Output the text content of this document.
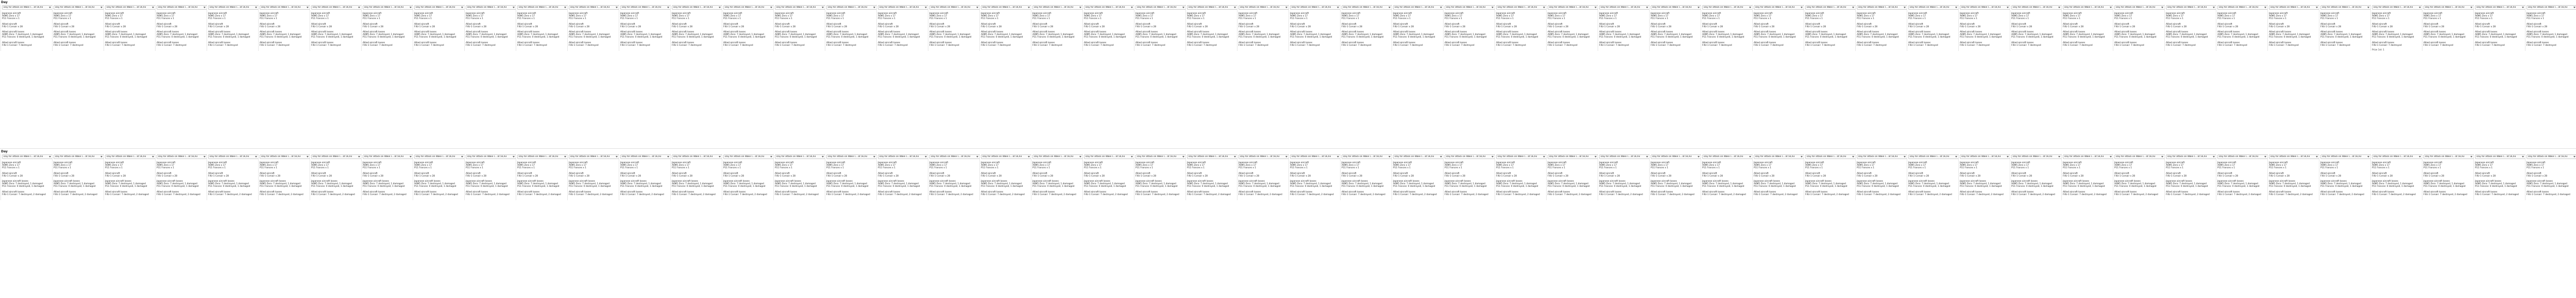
Day
Day for attack on Wake I... at 56,93
Japanese aircraft
A6M5 Zero x 17
P11 Frances x 1
Allied aircraft
F4U-1 Corsair x 28
Allied aircraft losses
A6M5 Zero: 7 destroyed, 1 damaged
P11 Frances: 0 destroyed, 1 damaged
Allied aircraft losses
F4U-1 Corsair: 7 destroyed
Day for attack on Wake I... at 56,93
Japanese aircraft
A6M5 Zero x 17
P11 Frances x 1
Allied aircraft
F4U-1 Corsair x 28
Allied aircraft losses
A6M5 Zero: 7 destroyed, 1 damaged
P11 Frances: 0 destroyed, 1 damaged
Allied aircraft losses
F4U-1 Corsair: 7 destroyed
Day for attack on Wake I... at 56,93
Japanese aircraft
A6M5 Zero x 17
P11 Frances x 1
Allied aircraft
F4U-1 Corsair x 28
Allied aircraft losses
A6M5 Zero: 7 destroyed, 1 damaged
P11 Frances: 0 destroyed, 1 damaged
Allied aircraft losses
F4U-1 Corsair: 7 destroyed
Day for attack on Wake I... at 56,93
Japanese aircraft
A6M5 Zero x 17
P11 Frances x 1
Allied aircraft
F4U-1 Corsair x 28
Allied aircraft losses
A6M5 Zero: 7 destroyed, 1 damaged
P11 Frances: 0 destroyed, 1 damaged
Allied aircraft losses
F4U-1 Corsair: 7 destroyed
Day for attack on Wake I... at 56,93
Japanese aircraft
A6M5 Zero x 17
P11 Frances x 1
Allied aircraft
F4U-1 Corsair x 28
Allied aircraft losses
A6M5 Zero: 7 destroyed, 1 damaged
P11 Frances: 0 destroyed, 1 damaged
Allied aircraft losses
F4U-1 Corsair: 7 destroyed
Day for attack on Wake I... at 56,93
Japanese aircraft
A6M5 Zero x 17
P11 Frances x 1
Allied aircraft
F4U-1 Corsair x 28
Allied aircraft losses
A6M5 Zero: 7 destroyed, 1 damaged
P11 Frances: 0 destroyed, 1 damaged
Allied aircraft losses
F4U-1 Corsair: 7 destroyed
Day for attack on Wake I... at 56,93
Japanese aircraft
A6M5 Zero x 17
P11 Frances x 1
Allied aircraft
F4U-1 Corsair x 28
Allied aircraft losses
A6M5 Zero: 7 destroyed, 1 damaged
P11 Frances: 0 destroyed, 1 damaged
Allied aircraft losses
F4U-1 Corsair: 7 destroyed
Day for attack on Wake I... at 56,93
Japanese aircraft
A6M5 Zero x 17
P11 Frances x 1
Allied aircraft
F4U-1 Corsair x 28
Allied aircraft losses
A6M5 Zero: 7 destroyed, 1 damaged
P11 Frances: 0 destroyed, 1 damaged
Allied aircraft losses
F4U-1 Corsair: 7 destroyed
Day for attack on Wake I... at 56,93
Japanese aircraft
A6M5 Zero x 17
P11 Frances x 1
Allied aircraft
F4U-1 Corsair x 28
Allied aircraft losses
A6M5 Zero: 7 destroyed, 1 damaged
P11 Frances: 0 destroyed, 1 damaged
Allied aircraft losses
F4U-1 Corsair: 7 destroyed
Day for attack on Wake I... at 56,93
Japanese aircraft
A6M5 Zero x 17
P11 Frances x 1
Allied aircraft
F4U-1 Corsair x 28
Allied aircraft losses
A6M5 Zero: 7 destroyed, 1 damaged
P11 Frances: 0 destroyed, 1 damaged
Allied aircraft losses
F4U-1 Corsair: 7 destroyed
Day for attack on Wake I... at 56,93
Japanese aircraft
A6M5 Zero x 17
P11 Frances x 1
Allied aircraft
F4U-1 Corsair x 28
Allied aircraft losses
A6M5 Zero: 7 destroyed, 1 damaged
P11 Frances: 0 destroyed, 1 damaged
Allied aircraft losses
F4U-1 Corsair: 7 destroyed
Day for attack on Wake I... at 56,93
Japanese aircraft
A6M5 Zero x 17
P11 Frances x 1
Allied aircraft
F4U-1 Corsair x 28
Allied aircraft losses
A6M5 Zero: 7 destroyed, 1 damaged
P11 Frances: 0 destroyed, 1 damaged
Allied aircraft losses
F4U-1 Corsair: 7 destroyed
Day for attack on Wake I... at 56,93
Japanese aircraft
A6M5 Zero x 17
P11 Frances x 1
Allied aircraft
F4U-1 Corsair x 28
Allied aircraft losses
A6M5 Zero: 7 destroyed, 1 damaged
P11 Frances: 0 destroyed, 1 damaged
Allied aircraft losses
F4U-1 Corsair: 7 destroyed
Day for attack on Wake I... at 56,93
Japanese aircraft
A6M5 Zero x 17
P11 Frances x 1
Allied aircraft
F4U-1 Corsair x 28
Allied aircraft losses
A6M5 Zero: 7 destroyed, 1 damaged
P11 Frances: 0 destroyed, 1 damaged
Allied aircraft losses
F4U-1 Corsair: 7 destroyed
Day for attack on Wake I... at 56,93
Japanese aircraft
A6M5 Zero x 17
P11 Frances x 1
Allied aircraft
F4U-1 Corsair x 28
Allied aircraft losses
A6M5 Zero: 7 destroyed, 1 damaged
P11 Frances: 0 destroyed, 1 damaged
Allied aircraft losses
F4U-1 Corsair: 7 destroyed
Day for attack on Wake I... at 56,93
Japanese aircraft
A6M5 Zero x 17
P11 Frances x 1
Allied aircraft
F4U-1 Corsair x 28
Allied aircraft losses
A6M5 Zero: 7 destroyed, 1 damaged
P11 Frances: 0 destroyed, 1 damaged
Allied aircraft losses
F4U-1 Corsair: 7 destroyed
Day for attack on Wake I... at 56,93
Japanese aircraft
A6M5 Zero x 17
P11 Frances x 1
Allied aircraft
F4U-1 Corsair x 28
Allied aircraft losses
A6M5 Zero: 7 destroyed, 1 damaged
P11 Frances: 0 destroyed, 1 damaged
Allied aircraft losses
F4U-1 Corsair: 7 destroyed
Day for attack on Wake I... at 56,93
Japanese aircraft
A6M5 Zero x 17
P11 Frances x 1
Allied aircraft
F4U-1 Corsair x 28
Allied aircraft losses
A6M5 Zero: 7 destroyed, 1 damaged
P11 Frances: 0 destroyed, 1 damaged
Allied aircraft losses
F4U-1 Corsair: 7 destroyed
Day for attack on Wake I... at 56,93
Japanese aircraft
A6M5 Zero x 17
P11 Frances x 1
Allied aircraft
F4U-1 Corsair x 28
Allied aircraft losses
A6M5 Zero: 7 destroyed, 1 damaged
P11 Frances: 0 destroyed, 1 damaged
Allied aircraft losses
F4U-1 Corsair: 7 destroyed
Day for attack on Wake I... at 56,93
Japanese aircraft
A6M5 Zero x 17
P11 Frances x 1
Allied aircraft
F4U-1 Corsair x 28
Allied aircraft losses
A6M5 Zero: 7 destroyed, 1 damaged
P11 Frances: 0 destroyed, 1 damaged
Allied aircraft losses
F4U-1 Corsair: 7 destroyed
Day for attack on Wake I... at 56,93
Japanese aircraft
A6M5 Zero x 17
P11 Frances x 1
Allied aircraft
F4U-1 Corsair x 28
Allied aircraft losses
A6M5 Zero: 7 destroyed, 1 damaged
P11 Frances: 0 destroyed, 1 damaged
Allied aircraft losses
F4U-1 Corsair: 7 destroyed
Day for attack on Wake I... at 56,93
Japanese aircraft
A6M5 Zero x 17
P11 Frances x 1
Allied aircraft
F4U-1 Corsair x 28
Allied aircraft losses
A6M5 Zero: 7 destroyed, 1 damaged
P11 Frances: 0 destroyed, 1 damaged
Allied aircraft losses
F4U-1 Corsair: 7 destroyed
Day for attack on Wake I... at 56,93
Japanese aircraft
A6M5 Zero x 17
P11 Frances x 1
Allied aircraft
F4U-1 Corsair x 28
Allied aircraft losses
A6M5 Zero: 7 destroyed, 1 damaged
P11 Frances: 0 destroyed, 1 damaged
Allied aircraft losses
F4U-1 Corsair: 7 destroyed
Day for attack on Wake I... at 56,93
Japanese aircraft
A6M5 Zero x 17
P11 Frances x 1
Allied aircraft
F4U-1 Corsair x 28
Allied aircraft losses
A6M5 Zero: 7 destroyed, 1 damaged
P11 Frances: 0 destroyed, 1 damaged
Allied aircraft losses
F4U-1 Corsair: 7 destroyed
Day for attack on Wake I... at 56,93
Japanese aircraft
A6M5 Zero x 17
P11 Frances x 1
Allied aircraft
F4U-1 Corsair x 28
Allied aircraft losses
A6M5 Zero: 7 destroyed, 1 damaged
P11 Frances: 0 destroyed, 1 damaged
Allied aircraft losses
F4U-1 Corsair: 7 destroyed
Day for attack on Wake I... at 56,93
Japanese aircraft
A6M5 Zero x 17
P11 Frances x 1
Allied aircraft
F4U-1 Corsair x 28
Allied aircraft losses
A6M5 Zero: 7 destroyed, 1 damaged
P11 Frances: 0 destroyed, 1 damaged
Allied aircraft losses
F4U-1 Corsair: 7 destroyed
Day for attack on Wake I... at 56,93
Japanese aircraft
A6M5 Zero x 17
P11 Frances x 1
Allied aircraft
F4U-1 Corsair x 28
Allied aircraft losses
A6M5 Zero: 7 destroyed, 1 damaged
P11 Frances: 0 destroyed, 1 damaged
Allied aircraft losses
F4U-1 Corsair: 7 destroyed
Day for attack on Wake I... at 56,93
Japanese aircraft
A6M5 Zero x 17
P11 Frances x 1
Allied aircraft
F4U-1 Corsair x 28
Allied aircraft losses
A6M5 Zero: 7 destroyed, 1 damaged
P11 Frances: 0 destroyed, 1 damaged
Allied aircraft losses
F4U-1 Corsair: 7 destroyed
Day for attack on Wake I... at 56,93
Japanese aircraft
A6M5 Zero x 17
P11 Frances x 1
Allied aircraft
F4U-1 Corsair x 28
Allied aircraft losses
A6M5 Zero: 7 destroyed, 1 damaged
P11 Frances: 0 destroyed, 1 damaged
Allied aircraft losses
F4U-1 Corsair: 7 destroyed
Day for attack on Wake I... at 56,93
Japanese aircraft
A6M5 Zero x 17
P11 Frances x 1
Allied aircraft
F4U-1 Corsair x 28
Allied aircraft losses
A6M5 Zero: 7 destroyed, 1 damaged
P11 Frances: 0 destroyed, 1 damaged
Allied aircraft losses
F4U-1 Corsair: 7 destroyed
Day for attack on Wake I... at 56,93
Japanese aircraft
A6M5 Zero x 17
P11 Frances x 1
Allied aircraft
F4U-1 Corsair x 28
Allied aircraft losses
A6M5 Zero: 7 destroyed, 1 damaged
P11 Frances: 0 destroyed, 1 damaged
Allied aircraft losses
F4U-1 Corsair: 7 destroyed
Day for attack on Wake I... at 56,93
Japanese aircraft
A6M5 Zero x 17
P11 Frances x 1
Allied aircraft
F4U-1 Corsair x 28
Allied aircraft losses
A6M5 Zero: 7 destroyed, 1 damaged
P11 Frances: 0 destroyed, 1 damaged
Allied aircraft losses
F4U-1 Corsair: 7 destroyed
Day for attack on Wake I... at 56,93
Japanese aircraft
A6M5 Zero x 17
P11 Frances x 1
Allied aircraft
F4U-1 Corsair x 28
Allied aircraft losses
A6M5 Zero: 7 destroyed, 1 damaged
P11 Frances: 0 destroyed, 1 damaged
Allied aircraft losses
F4U-1 Corsair: 7 destroyed
Day for attack on Wake I... at 56,93
Japanese aircraft
A6M5 Zero x 17
P11 Frances x 1
Allied aircraft
F4U-1 Corsair x 28
Allied aircraft losses
A6M5 Zero: 7 destroyed, 1 damaged
P11 Frances: 0 destroyed, 1 damaged
Allied aircraft losses
F4U-1 Corsair: 7 destroyed
Day for attack on Wake I... at 56,93
Japanese aircraft
A6M5 Zero x 17
P11 Frances x 1
Allied aircraft
F4U-1 Corsair x 28
Allied aircraft losses
A6M5 Zero: 7 destroyed, 1 damaged
P11 Frances: 0 destroyed, 1 damaged
Allied aircraft losses
F4U-1 Corsair: 7 destroyed
Day for attack on Wake I... at 56,93
Japanese aircraft
A6M5 Zero x 17
P11 Frances x 1
Allied aircraft
F4U-1 Corsair x 28
Allied aircraft losses
A6M5 Zero: 7 destroyed, 1 damaged
P11 Frances: 0 destroyed, 1 damaged
Allied aircraft losses
F4U-1 Corsair: 7 destroyed
Day for attack on Wake I... at 56,93
Japanese aircraft
A6M5 Zero x 17
P11 Frances x 1
Allied aircraft
F4U-1 Corsair x 28
Allied aircraft losses
A6M5 Zero: 7 destroyed, 1 damaged
P11 Frances: 0 destroyed, 1 damaged
Allied aircraft losses
F4U-1 Corsair: 7 destroyed
Day for attack on Wake I... at 56,93
Japanese aircraft
A6M5 Zero x 17
P11 Frances x 1
Allied aircraft
F4U-1 Corsair x 28
Allied aircraft losses
A6M5 Zero: 7 destroyed, 1 damaged
P11 Frances: 0 destroyed, 1 damaged
Allied aircraft losses
F4U-1 Corsair: 7 destroyed
Day for attack on Wake I... at 56,93
Japanese aircraft
A6M5 Zero x 17
P11 Frances x 1
Allied aircraft
F4U-1 Corsair x 28
Allied aircraft losses
A6M5 Zero: 7 destroyed, 1 damaged
P11 Frances: 0 destroyed, 1 damaged
Allied aircraft losses
F4U-1 Corsair: 7 destroyed
Day for attack on Wake I... at 56,93
Japanese aircraft
A6M5 Zero x 17
P11 Frances x 1
Allied aircraft
F4U-1 Corsair x 28
Allied aircraft losses
A6M5 Zero: 7 destroyed, 1 damaged
P11 Frances: 0 destroyed, 1 damaged
Allied aircraft losses
F4U-1 Corsair: 7 destroyed
Day for attack on Wake I... at 56,93
Japanese aircraft
A6M5 Zero x 17
P11 Frances x 1
Allied aircraft
F4U-1 Corsair x 28
Allied aircraft losses
A6M5 Zero: 7 destroyed, 1 damaged
P11 Frances: 0 destroyed, 1 damaged
Allied aircraft losses
F4U-1 Corsair: 7 destroyed
Day for attack on Wake I... at 56,93
Japanese aircraft
A6M5 Zero x 17
P11 Frances x 1
Allied aircraft
F4U-1 Corsair x 28
Allied aircraft losses
A6M5 Zero: 7 destroyed, 1 damaged
P11 Frances: 0 destroyed, 1 damaged
Allied aircraft losses
F4U-1 Corsair: 7 destroyed
Day for attack on Wake I... at 56,93
Japanese aircraft
A6M5 Zero x 17
P11 Frances x 1
Allied aircraft
F4U-1 Corsair x 28
Allied aircraft losses
A6M5 Zero: 7 destroyed, 1 damaged
P11 Frances: 0 destroyed, 1 damaged
Allied aircraft losses
F4U-1 Corsair: 7 destroyed
Day for attack on Wake I... at 56,93
Japanese aircraft
A6M5 Zero x 17
P11 Frances x 1
Allied aircraft
F4U-1 Corsair x 28
Allied aircraft losses
A6M5 Zero: 7 destroyed, 1 damaged
P11 Frances: 0 destroyed, 1 damaged
Allied aircraft losses
F4U-1 Corsair: 7 destroyed
Day for attack on Wake I... at 56,93
Japanese aircraft
A6M5 Zero x 17
P11 Frances x 1
Allied aircraft
F4U-1 Corsair x 28
Allied aircraft losses
A6M5 Zero: 7 destroyed, 1 damaged
P11 Frances: 0 destroyed, 1 damaged
Allied aircraft losses
F4U-1 Corsair: 7 destroyed
Day for attack on Wake I... at 56,93
Japanese aircraft
A6M5 Zero x 17
P11 Frances x 1
Allied aircraft
F4U-1 Corsair x 28
Allied aircraft losses
A6M5 Zero: 7 destroyed, 1 damaged
P11 Frances: 0 destroyed, 1 damaged
Allied aircraft losses
F4U-1 Corsair: 7 destroyed
Day for attack on Wake I... at 56,93
Japanese aircraft
A6M5 Zero x 17
P11 Frances x 1
Allied aircraft
F4U-1 Corsair x 28
Allied aircraft losses
A6M5 Zero: 7 destroyed, 1 damaged
P11 Frances: 0 destroyed, 1 damaged
Allied aircraft losses
F4U-1 Corsair: 7 destroyed
Prize 1st: 1
Day for attack on Wake I... at 56,93
Japanese aircraft
A6M5 Zero x 17
P11 Frances x 1
Allied aircraft
F4U-1 Corsair x 28
Allied aircraft losses
A6M5 Zero: 7 destroyed, 1 damaged
P11 Frances: 0 destroyed, 1 damaged
Allied aircraft losses
F4U-1 Corsair: 7 destroyed
Day for attack on Wake I... at 56,93
Japanese aircraft
A6M5 Zero x 17
P11 Frances x 1
Allied aircraft
F4U-1 Corsair x 28
Allied aircraft losses
A6M5 Zero: 7 destroyed, 1 damaged
P11 Frances: 0 destroyed, 1 damaged
Allied aircraft losses
F4U-1 Corsair: 7 destroyed
Day for attack on Wake I... at 56,93
Japanese aircraft
A6M5 Zero x 17
P11 Frances x 1
Allied aircraft
F4U-1 Corsair x 28
Allied aircraft losses
A6M5 Zero: 7 destroyed, 1 damaged
P11 Frances: 0 destroyed, 1 damaged
Allied aircraft losses
F4U-1 Corsair: 7 destroyed
Day
Day for attack on Wake I... at 56,93
Japanese aircraft
A6M5 Zero x 17
P11 Frances x 1
Allied aircraft
F4U-1 Corsair x 28
Japanese aircraft losses
A6M5 Zero: 7 destroyed, 1 damaged
P11 Frances: 0 destroyed, 1 damaged
Allied aircraft losses
F4U-1 Corsair: 7 destroyed, 2 damaged
Day for attack on Wake I... at 56,93
Japanese aircraft
A6M5 Zero x 17
P11 Frances x 1
Allied aircraft
F4U-1 Corsair x 28
Japanese aircraft losses
A6M5 Zero: 7 destroyed, 1 damaged
P11 Frances: 0 destroyed, 1 damaged
Allied aircraft losses
F4U-1 Corsair: 7 destroyed, 2 damaged
Day for attack on Wake I... at 56,93
Japanese aircraft
A6M5 Zero x 17
P11 Frances x 1
Allied aircraft
F4U-1 Corsair x 28
Japanese aircraft losses
A6M5 Zero: 7 destroyed, 1 damaged
P11 Frances: 0 destroyed, 1 damaged
Allied aircraft losses
F4U-1 Corsair: 7 destroyed, 2 damaged
Day for attack on Wake I... at 56,93
Japanese aircraft
A6M5 Zero x 17
P11 Frances x 1
Allied aircraft
F4U-1 Corsair x 28
Japanese aircraft losses
A6M5 Zero: 7 destroyed, 1 damaged
P11 Frances: 0 destroyed, 1 damaged
Allied aircraft losses
F4U-1 Corsair: 7 destroyed, 2 damaged
Day for attack on Wake I... at 56,93
Japanese aircraft
A6M5 Zero x 17
P11 Frances x 1
Allied aircraft
F4U-1 Corsair x 28
Japanese aircraft losses
A6M5 Zero: 7 destroyed, 1 damaged
P11 Frances: 0 destroyed, 1 damaged
Allied aircraft losses
F4U-1 Corsair: 7 destroyed, 2 damaged
Day for attack on Wake I... at 56,93
Japanese aircraft
A6M5 Zero x 17
P11 Frances x 1
Allied aircraft
F4U-1 Corsair x 28
Japanese aircraft losses
A6M5 Zero: 7 destroyed, 1 damaged
P11 Frances: 0 destroyed, 1 damaged
Allied aircraft losses
F4U-1 Corsair: 7 destroyed, 2 damaged
Day for attack on Wake I... at 56,93
Japanese aircraft
A6M5 Zero x 17
P11 Frances x 1
Allied aircraft
F4U-1 Corsair x 28
Japanese aircraft losses
A6M5 Zero: 7 destroyed, 1 damaged
P11 Frances: 0 destroyed, 1 damaged
Allied aircraft losses
F4U-1 Corsair: 7 destroyed, 2 damaged
Day for attack on Wake I... at 56,93
Japanese aircraft
A6M5 Zero x 17
P11 Frances x 1
Allied aircraft
F4U-1 Corsair x 28
Japanese aircraft losses
A6M5 Zero: 7 destroyed, 1 damaged
P11 Frances: 0 destroyed, 1 damaged
Allied aircraft losses
F4U-1 Corsair: 7 destroyed, 2 damaged
Day for attack on Wake I... at 56,93
Japanese aircraft
A6M5 Zero x 17
P11 Frances x 1
Allied aircraft
F4U-1 Corsair x 28
Japanese aircraft losses
A6M5 Zero: 7 destroyed, 1 damaged
P11 Frances: 0 destroyed, 1 damaged
Allied aircraft losses
F4U-1 Corsair: 7 destroyed, 2 damaged
Day for attack on Wake I... at 56,93
Japanese aircraft
A6M5 Zero x 17
P11 Frances x 1
Allied aircraft
F4U-1 Corsair x 28
Japanese aircraft losses
A6M5 Zero: 7 destroyed, 1 damaged
P11 Frances: 0 destroyed, 1 damaged
Allied aircraft losses
F4U-1 Corsair: 7 destroyed, 2 damaged
Day for attack on Wake I... at 56,93
Japanese aircraft
A6M5 Zero x 17
P11 Frances x 1
Allied aircraft
F4U-1 Corsair x 28
Japanese aircraft losses
A6M5 Zero: 7 destroyed, 1 damaged
P11 Frances: 0 destroyed, 1 damaged
Allied aircraft losses
F4U-1 Corsair: 7 destroyed, 2 damaged
Day for attack on Wake I... at 56,93
Japanese aircraft
A6M5 Zero x 17
P11 Frances x 1
Allied aircraft
F4U-1 Corsair x 28
Japanese aircraft losses
A6M5 Zero: 7 destroyed, 1 damaged
P11 Frances: 0 destroyed, 1 damaged
Allied aircraft losses
F4U-1 Corsair: 7 destroyed, 2 damaged
Day for attack on Wake I... at 56,93
Japanese aircraft
A6M5 Zero x 17
P11 Frances x 1
Allied aircraft
F4U-1 Corsair x 28
Japanese aircraft losses
A6M5 Zero: 7 destroyed, 1 damaged
P11 Frances: 0 destroyed, 1 damaged
Allied aircraft losses
F4U-1 Corsair: 7 destroyed, 2 damaged
Day for attack on Wake I... at 56,93
Japanese aircraft
A6M5 Zero x 17
P11 Frances x 1
Allied aircraft
F4U-1 Corsair x 28
Japanese aircraft losses
A6M5 Zero: 7 destroyed, 1 damaged
P11 Frances: 0 destroyed, 1 damaged
Allied aircraft losses
F4U-1 Corsair: 7 destroyed, 2 damaged
Day for attack on Wake I... at 56,93
Japanese aircraft
A6M5 Zero x 17
P11 Frances x 1
Allied aircraft
F4U-1 Corsair x 28
Japanese aircraft losses
A6M5 Zero: 7 destroyed, 1 damaged
P11 Frances: 0 destroyed, 1 damaged
Allied aircraft losses
F4U-1 Corsair: 7 destroyed, 2 damaged
Day for attack on Wake I... at 56,93
Japanese aircraft
A6M5 Zero x 17
P11 Frances x 1
Allied aircraft
F4U-1 Corsair x 28
Japanese aircraft losses
A6M5 Zero: 7 destroyed, 1 damaged
P11 Frances: 0 destroyed, 1 damaged
Allied aircraft losses
F4U-1 Corsair: 7 destroyed, 2 damaged
Day for attack on Wake I... at 56,93
Japanese aircraft
A6M5 Zero x 17
P11 Frances x 1
Allied aircraft
F4U-1 Corsair x 28
Japanese aircraft losses
A6M5 Zero: 7 destroyed, 1 damaged
P11 Frances: 0 destroyed, 1 damaged
Allied aircraft losses
F4U-1 Corsair: 7 destroyed, 2 damaged
Day for attack on Wake I... at 56,93
Japanese aircraft
A6M5 Zero x 17
P11 Frances x 1
Allied aircraft
F4U-1 Corsair x 28
Japanese aircraft losses
A6M5 Zero: 7 destroyed, 1 damaged
P11 Frances: 0 destroyed, 1 damaged
Allied aircraft losses
F4U-1 Corsair: 7 destroyed, 2 damaged
Day for attack on Wake I... at 56,93
Japanese aircraft
A6M5 Zero x 17
P11 Frances x 1
Allied aircraft
F4U-1 Corsair x 28
Japanese aircraft losses
A6M5 Zero: 7 destroyed, 1 damaged
P11 Frances: 0 destroyed, 1 damaged
Allied aircraft losses
F4U-1 Corsair: 7 destroyed, 2 damaged
Day for attack on Wake I... at 56,93
Japanese aircraft
A6M5 Zero x 17
P11 Frances x 1
Allied aircraft
F4U-1 Corsair x 28
Japanese aircraft losses
A6M5 Zero: 7 destroyed, 1 damaged
P11 Frances: 0 destroyed, 1 damaged
Allied aircraft losses
F4U-1 Corsair: 7 destroyed, 2 damaged
Day for attack on Wake I... at 56,93
Japanese aircraft
A6M5 Zero x 17
P11 Frances x 1
Allied aircraft
F4U-1 Corsair x 28
Japanese aircraft losses
A6M5 Zero: 7 destroyed, 1 damaged
P11 Frances: 0 destroyed, 1 damaged
Allied aircraft losses
F4U-1 Corsair: 7 destroyed, 2 damaged
Day for attack on Wake I... at 56,93
Japanese aircraft
A6M5 Zero x 17
P11 Frances x 1
Allied aircraft
F4U-1 Corsair x 28
Japanese aircraft losses
A6M5 Zero: 7 destroyed, 1 damaged
P11 Frances: 0 destroyed, 1 damaged
Allied aircraft losses
F4U-1 Corsair: 7 destroyed, 2 damaged
Day for attack on Wake I... at 56,93
Japanese aircraft
A6M5 Zero x 17
P11 Frances x 1
Allied aircraft
F4U-1 Corsair x 28
Japanese aircraft losses
A6M5 Zero: 7 destroyed, 1 damaged
P11 Frances: 0 destroyed, 1 damaged
Allied aircraft losses
F4U-1 Corsair: 7 destroyed, 2 damaged
Day for attack on Wake I... at 56,93
Japanese aircraft
A6M5 Zero x 17
P11 Frances x 1
Allied aircraft
F4U-1 Corsair x 28
Japanese aircraft losses
A6M5 Zero: 7 destroyed, 1 damaged
P11 Frances: 0 destroyed, 1 damaged
Allied aircraft losses
F4U-1 Corsair: 7 destroyed, 2 damaged
Day for attack on Wake I... at 56,93
Japanese aircraft
A6M5 Zero x 17
P11 Frances x 1
Allied aircraft
F4U-1 Corsair x 28
Japanese aircraft losses
A6M5 Zero: 7 destroyed, 1 damaged
P11 Frances: 0 destroyed, 1 damaged
Allied aircraft losses
F4U-1 Corsair: 7 destroyed, 2 damaged
Day for attack on Wake I... at 56,93
Japanese aircraft
A6M5 Zero x 17
P11 Frances x 1
Allied aircraft
F4U-1 Corsair x 28
Japanese aircraft losses
A6M5 Zero: 7 destroyed, 1 damaged
P11 Frances: 0 destroyed, 1 damaged
Allied aircraft losses
F4U-1 Corsair: 7 destroyed, 2 damaged
Day for attack on Wake I... at 56,93
Japanese aircraft
A6M5 Zero x 17
P11 Frances x 1
Allied aircraft
F4U-1 Corsair x 28
Japanese aircraft losses
A6M5 Zero: 7 destroyed, 1 damaged
P11 Frances: 0 destroyed, 1 damaged
Allied aircraft losses
F4U-1 Corsair: 7 destroyed, 2 damaged
Day for attack on Wake I... at 56,93
Japanese aircraft
A6M5 Zero x 17
P11 Frances x 1
Allied aircraft
F4U-1 Corsair x 28
Japanese aircraft losses
A6M5 Zero: 7 destroyed, 1 damaged
P11 Frances: 0 destroyed, 1 damaged
Allied aircraft losses
F4U-1 Corsair: 7 destroyed, 2 damaged
Day for attack on Wake I... at 56,93
Japanese aircraft
A6M5 Zero x 17
P11 Frances x 1
Allied aircraft
F4U-1 Corsair x 28
Japanese aircraft losses
A6M5 Zero: 7 destroyed, 1 damaged
P11 Frances: 0 destroyed, 1 damaged
Allied aircraft losses
F4U-1 Corsair: 7 destroyed, 2 damaged
Day for attack on Wake I... at 56,93
Japanese aircraft
A6M5 Zero x 17
P11 Frances x 1
Allied aircraft
F4U-1 Corsair x 28
Japanese aircraft losses
A6M5 Zero: 7 destroyed, 1 damaged
P11 Frances: 0 destroyed, 1 damaged
Allied aircraft losses
F4U-1 Corsair: 7 destroyed, 2 damaged
Day for attack on Wake I... at 56,93
Japanese aircraft
A6M5 Zero x 17
P11 Frances x 1
Allied aircraft
F4U-1 Corsair x 28
Japanese aircraft losses
A6M5 Zero: 7 destroyed, 1 damaged
P11 Frances: 0 destroyed, 1 damaged
Allied aircraft losses
F4U-1 Corsair: 7 destroyed, 2 damaged
Day for attack on Wake I... at 56,93
Japanese aircraft
A6M5 Zero x 17
P11 Frances x 1
Allied aircraft
F4U-1 Corsair x 28
Japanese aircraft losses
A6M5 Zero: 7 destroyed, 1 damaged
P11 Frances: 0 destroyed, 1 damaged
Allied aircraft losses
F4U-1 Corsair: 7 destroyed, 2 damaged
Day for attack on Wake I... at 56,93
Japanese aircraft
A6M5 Zero x 17
P11 Frances x 1
Allied aircraft
F4U-1 Corsair x 28
Japanese aircraft losses
A6M5 Zero: 7 destroyed, 1 damaged
P11 Frances: 0 destroyed, 1 damaged
Allied aircraft losses
F4U-1 Corsair: 7 destroyed, 2 damaged
Day for attack on Wake I... at 56,93
Japanese aircraft
A6M5 Zero x 17
P11 Frances x 1
Allied aircraft
F4U-1 Corsair x 28
Japanese aircraft losses
A6M5 Zero: 7 destroyed, 1 damaged
P11 Frances: 0 destroyed, 1 damaged
Allied aircraft losses
F4U-1 Corsair: 7 destroyed, 2 damaged
Day for attack on Wake I... at 56,93
Japanese aircraft
A6M5 Zero x 17
P11 Frances x 1
Allied aircraft
F4U-1 Corsair x 28
Japanese aircraft losses
A6M5 Zero: 7 destroyed, 1 damaged
P11 Frances: 0 destroyed, 1 damaged
Allied aircraft losses
F4U-1 Corsair: 7 destroyed, 2 damaged
Day for attack on Wake I... at 56,93
Japanese aircraft
A6M5 Zero x 17
P11 Frances x 1
Allied aircraft
F4U-1 Corsair x 28
Japanese aircraft losses
A6M5 Zero: 7 destroyed, 1 damaged
P11 Frances: 0 destroyed, 1 damaged
Allied aircraft losses
F4U-1 Corsair: 7 destroyed, 2 damaged
Day for attack on Wake I... at 56,93
Japanese aircraft
A6M5 Zero x 17
P11 Frances x 1
Allied aircraft
F4U-1 Corsair x 28
Japanese aircraft losses
A6M5 Zero: 7 destroyed, 1 damaged
P11 Frances: 0 destroyed, 1 damaged
Allied aircraft losses
F4U-1 Corsair: 7 destroyed, 2 damaged
Day for attack on Wake I... at 56,93
Japanese aircraft
A6M5 Zero x 17
P11 Frances x 1
Allied aircraft
F4U-1 Corsair x 28
Japanese aircraft losses
A6M5 Zero: 7 destroyed, 1 damaged
P11 Frances: 0 destroyed, 1 damaged
Allied aircraft losses
F4U-1 Corsair: 7 destroyed, 2 damaged
Day for attack on Wake I... at 56,93
Japanese aircraft
A6M5 Zero x 17
P11 Frances x 1
Allied aircraft
F4U-1 Corsair x 28
Japanese aircraft losses
A6M5 Zero: 7 destroyed, 1 damaged
P11 Frances: 0 destroyed, 1 damaged
Allied aircraft losses
F4U-1 Corsair: 7 destroyed, 2 damaged
Day for attack on Wake I... at 56,93
Japanese aircraft
A6M5 Zero x 17
P11 Frances x 1
Allied aircraft
F4U-1 Corsair x 28
Japanese aircraft losses
A6M5 Zero: 7 destroyed, 1 damaged
P11 Frances: 0 destroyed, 1 damaged
Allied aircraft losses
F4U-1 Corsair: 7 destroyed, 2 damaged
Day for attack on Wake I... at 56,93
Japanese aircraft
A6M5 Zero x 17
P11 Frances x 1
Allied aircraft
F4U-1 Corsair x 28
Japanese aircraft losses
A6M5 Zero: 7 destroyed, 1 damaged
P11 Frances: 0 destroyed, 1 damaged
Allied aircraft losses
F4U-1 Corsair: 7 destroyed, 2 damaged
Day for attack on Wake I... at 56,93
Japanese aircraft
A6M5 Zero x 17
P11 Frances x 1
Allied aircraft
F4U-1 Corsair x 28
Japanese aircraft losses
A6M5 Zero: 7 destroyed, 1 damaged
P11 Frances: 0 destroyed, 1 damaged
Allied aircraft losses
F4U-1 Corsair: 7 destroyed, 2 damaged
Day for attack on Wake I... at 56,93
Japanese aircraft
A6M5 Zero x 17
P11 Frances x 1
Allied aircraft
F4U-1 Corsair x 28
Japanese aircraft losses
A6M5 Zero: 7 destroyed, 1 damaged
P11 Frances: 0 destroyed, 1 damaged
Allied aircraft losses
F4U-1 Corsair: 7 destroyed, 2 damaged
Day for attack on Wake I... at 56,93
Japanese aircraft
A6M5 Zero x 17
P11 Frances x 1
Allied aircraft
F4U-1 Corsair x 28
Japanese aircraft losses
A6M5 Zero: 7 destroyed, 1 damaged
P11 Frances: 0 destroyed, 1 damaged
Allied aircraft losses
F4U-1 Corsair: 7 destroyed, 2 damaged
Day for attack on Wake I... at 56,93
Japanese aircraft
A6M5 Zero x 17
P11 Frances x 1
Allied aircraft
F4U-1 Corsair x 28
Japanese aircraft losses
A6M5 Zero: 7 destroyed, 1 damaged
P11 Frances: 0 destroyed, 1 damaged
Allied aircraft losses
F4U-1 Corsair: 7 destroyed, 2 damaged
Day for attack on Wake I... at 56,93
Japanese aircraft
A6M5 Zero x 17
P11 Frances x 1
Allied aircraft
F4U-1 Corsair x 28
Japanese aircraft losses
A6M5 Zero: 7 destroyed, 1 damaged
P11 Frances: 0 destroyed, 1 damaged
Allied aircraft losses
F4U-1 Corsair: 7 destroyed, 2 damaged
Day for attack on Wake I... at 56,93
Japanese aircraft
A6M5 Zero x 17
P11 Frances x 1
Allied aircraft
F4U-1 Corsair x 28
Japanese aircraft losses
A6M5 Zero: 7 destroyed, 1 damaged
P11 Frances: 0 destroyed, 1 damaged
Allied aircraft losses
F4U-1 Corsair: 7 destroyed, 2 damaged
Day for attack on Wake I... at 56,93
Japanese aircraft
A6M5 Zero x 17
P11 Frances x 1
Allied aircraft
F4U-1 Corsair x 28
Japanese aircraft losses
A6M5 Zero: 7 destroyed, 1 damaged
P11 Frances: 0 destroyed, 1 damaged
Allied aircraft losses
F4U-1 Corsair: 7 destroyed, 2 damaged
Day for attack on Wake I... at 56,93
Japanese aircraft
A6M5 Zero x 17
P11 Frances x 1
Allied aircraft
F4U-1 Corsair x 28
Japanese aircraft losses
A6M5 Zero: 7 destroyed, 1 damaged
P11 Frances: 0 destroyed, 1 damaged
Allied aircraft losses
F4U-1 Corsair: 7 destroyed, 2 damaged
Day for attack on Wake I... at 56,93
Japanese aircraft
A6M5 Zero x 17
P11 Frances x 1
Allied aircraft
F4U-1 Corsair x 28
Japanese aircraft losses
A6M5 Zero: 7 destroyed, 1 damaged
P11 Frances: 0 destroyed, 1 damaged
Allied aircraft losses
F4U-1 Corsair: 7 destroyed, 2 damaged
